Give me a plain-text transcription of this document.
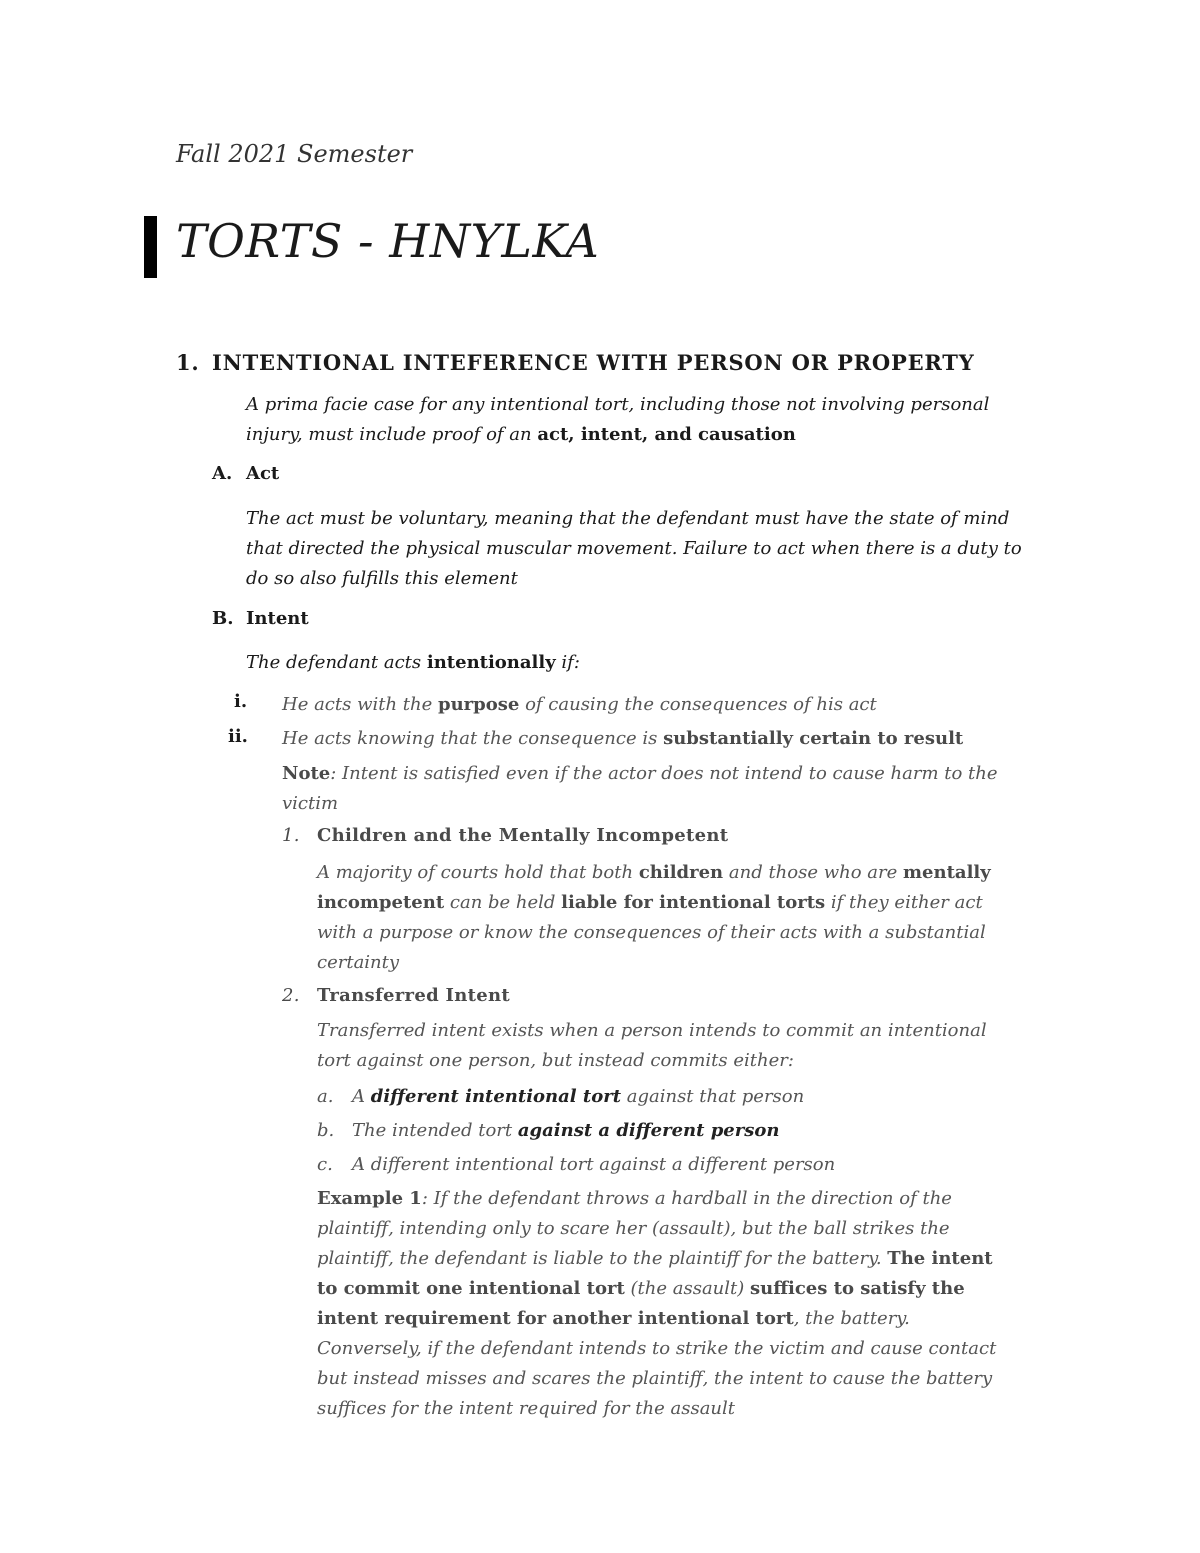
Fall 2021 Semester
TORTS - HNYLKA
1. INTENTIONAL INTEFERENCE WITH PERSON OR PROPERTY
A prima facie case for any intentional tort, including those not involving personal
injury, must include proof of an act, intent, and causation
A. Act
The act must be voluntary, meaning that the defendant must have the state of mind
that directed the physical muscular movement. Failure to act when there is a duty to
do so also fulfills this element
B. Intent
The defendant acts intentionally if:
i. He acts with the purpose of causing the consequences of his act
ii. He acts knowing that the consequence is substantially certain to result
Note: Intent is satisfied even if the actor does not intend to cause harm to the
victim
1. Children and the Mentally Incompetent
A majority of courts hold that both children and those who are mentally
incompetent can be held liable for intentional torts if they either act
with a purpose or know the consequences of their acts with a substantial
certainty
2. Transferred Intent
Transferred intent exists when a person intends to commit an intentional
tort against one person, but instead commits either:
a. A different intentional tort against that person
b. The intended tort against a different person
c. A different intentional tort against a different person
Example 1: If the defendant throws a hardball in the direction of the
plaintiff, intending only to scare her (assault), but the ball strikes the
plaintiff, the defendant is liable to the plaintiff for the battery. The intent
to commit one intentional tort (the assault) suffices to satisfy the
intent requirement for another intentional tort, the battery.
Conversely, if the defendant intends to strike the victim and cause contact
but instead misses and scares the plaintiff, the intent to cause the battery
suffices for the intent required for the assault
